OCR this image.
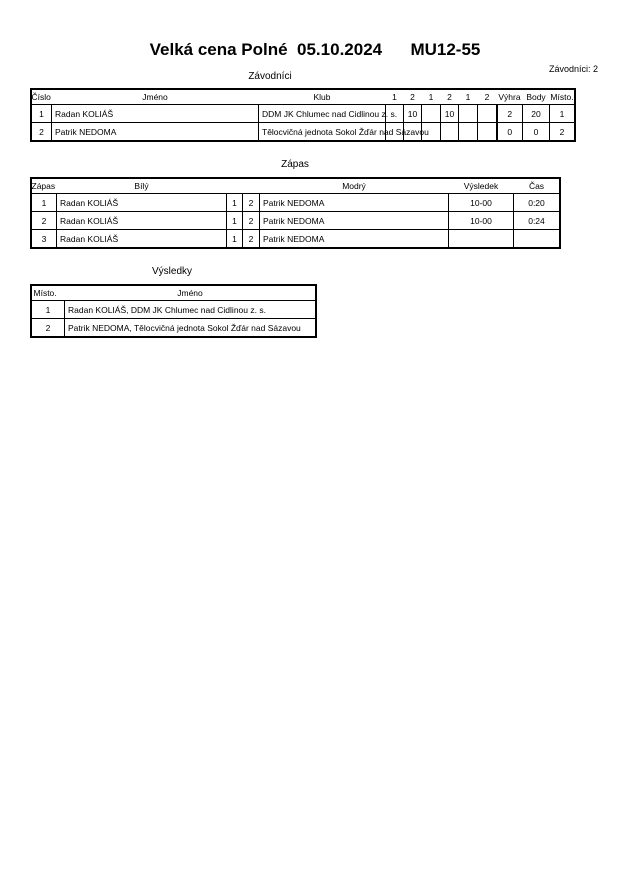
Velká cena Polné  05.10.2024      MU12-55
Závodníci: 2
Závodníci
Číslo	Jméno	Klub	1	2	1	2	1	2	Výhra	Body	Místo.
1	Radan KOLIÁŠ	DDM JK Chlumec nad Cidlinou z. s.		10		10			2	20	1
2	Patrik NEDOMA	Tělocvičná jednota Sokol Žďár nad Sázavou							0	0	2
Zápas
Zápas	Bílý			Modrý	Výsledek	Čas
1	Radan KOLIÁŠ	1	2	Patrik NEDOMA	10-00	0:20
2	Radan KOLIÁŠ	1	2	Patrik NEDOMA	10-00	0:24
3	Radan KOLIÁŠ	1	2	Patrik NEDOMA		
Výsledky
Místo.	Jméno
1	Radan KOLIÁŠ, DDM JK Chlumec nad Cidlinou z. s.
2	Patrik NEDOMA, Tělocvičná jednota Sokol Žďár nad Sázavou
